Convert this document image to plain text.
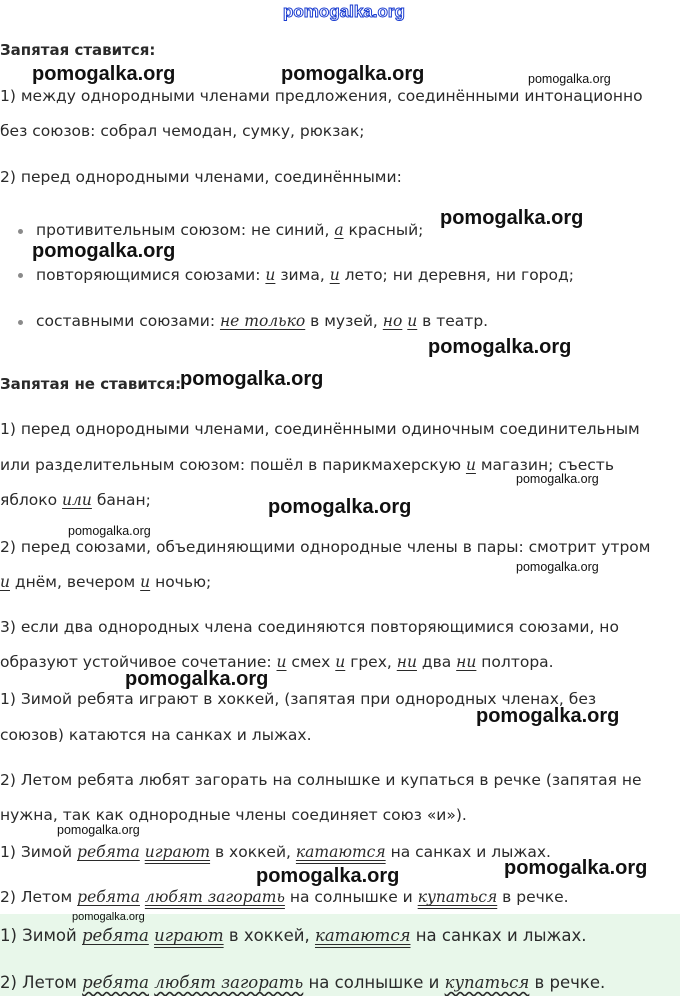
pomogalka.org
Запятая ставится:
1) между однородными членами предложения, соединёнными интонационно
без союзов: собрал чемодан, сумку, рюкзак;
2) перед однородными членами, соединёнными:
противительным союзом: не синий, а красный;
повторяющимися союзами: и зима, и лето; ни деревня, ни город;
составными союзами: не только в музей, но и в театр.
Запятая не ставится:
1) перед однородными членами, соединёнными одиночным соединительным
или разделительным союзом: пошёл в парикмахерскую и магазин; съесть
яблоко или банан;
2) перед союзами, объединяющими однородные члены в пары: смотрит утром
и днём, вечером и ночью;
3) если два однородных члена соединяются повторяющимися союзами, но
образуют устойчивое сочетание: и смех и грех, ни два ни полтора.
1) Зимой ребята играют в хоккей, (запятая при однородных членах, без
союзов) катаются на санках и лыжах.
2) Летом ребята любят загорать на солнышке и купаться в речке (запятая не
нужна, так как однородные члены соединяет союз «и»).
1) Зимой ребята играют в хоккей, катаются на санках и лыжах.
2) Летом ребята любят загорать на солнышке и купаться в речке.
1) Зимой ребята играют в хоккей, катаются на санках и лыжах.
2) Летом ребята любят загорать на солнышке и купаться в речке.
pomogalka.org	pomogalka.org	pomogalka.org
pomogalka.org
pomogalka.org
pomogalka.org
pomogalka.org
pomogalka.org
pomogalka.org
pomogalka.org
pomogalka.org
pomogalka.org
pomogalka.org
pomogalka.org
pomogalka.org
pomogalka.org
pomogalka.org
